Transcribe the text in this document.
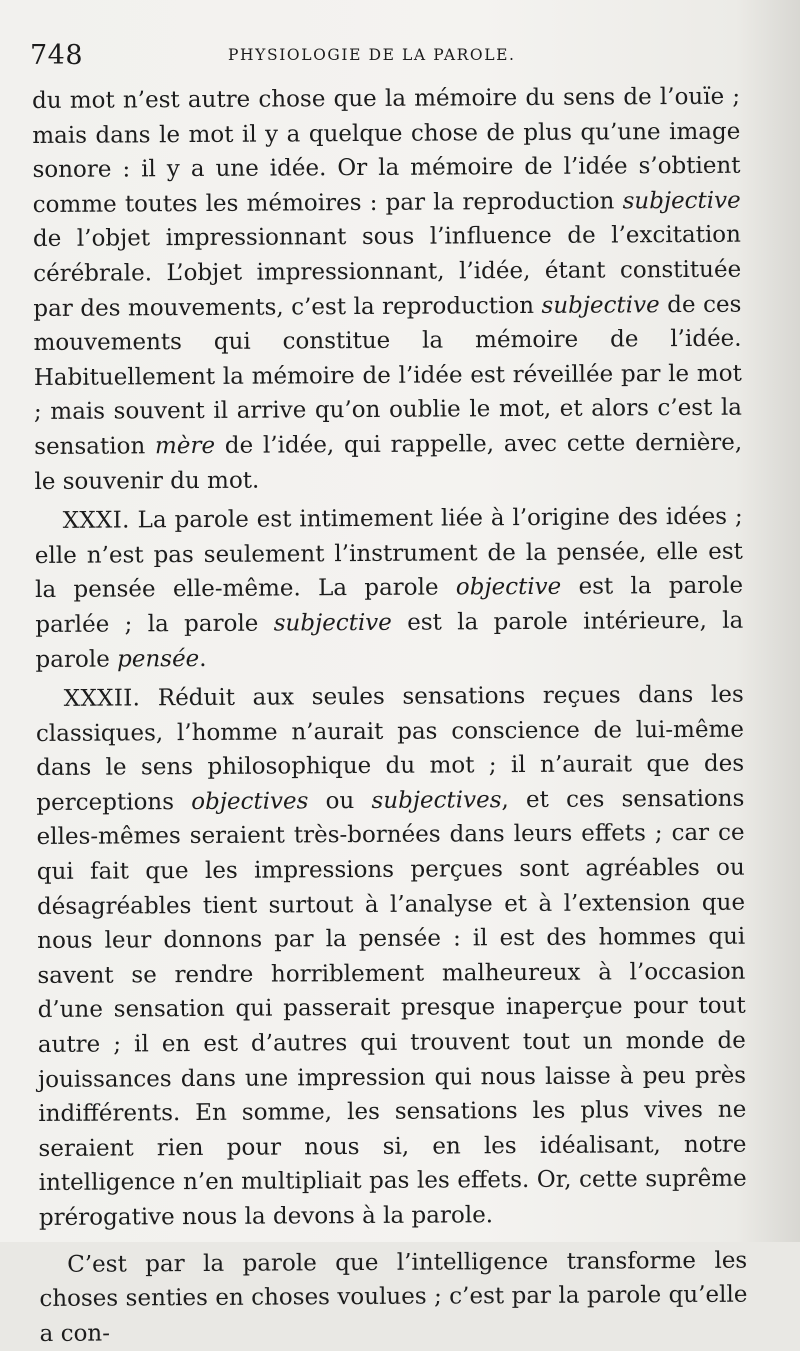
748	PHYSIOLOGIE DE LA PAROLE.

du mot n’est autre chose que la mémoire du sens de l’ouïe ; mais dans le mot il y a quelque chose de plus qu’une image sonore : il y a une idée. Or la mémoire de l’idée s’obtient comme toutes les mémoires : par la reproduction subjective de l’objet impressionnant sous l’influence de l’excitation cérébrale. L’objet impressionnant, l’idée, étant constituée par des mouvements, c’est la reproduction subjective de ces mouvements qui constitue la mémoire de l’idée. Habituellement la mémoire de l’idée est réveillée par le mot ; mais souvent il arrive qu’on oublie le mot, et alors c’est la sensation mère de l’idée, qui rappelle, avec cette dernière, le souvenir du mot.

XXXI. La parole est intimement liée à l’origine des idées ; elle n’est pas seulement l’instrument de la pensée, elle est la pensée elle-même. La parole objective est la parole parlée ; la parole subjective est la parole intérieure, la parole pensée.

XXXII. Réduit aux seules sensations reçues dans les classiques, l’homme n’aurait pas conscience de lui-même dans le sens philosophique du mot ; il n’aurait que des perceptions objectives ou subjectives, et ces sensations elles-mêmes seraient très-bornées dans leurs effets ; car ce qui fait que les impressions perçues sont agréables ou désagréables tient surtout à l’analyse et à l’extension que nous leur donnons par la pensée : il est des hommes qui savent se rendre horriblement malheureux à l’occasion d’une sensation qui passerait presque inaperçue pour tout autre ; il en est d’autres qui trouvent tout un monde de jouissances dans une impression qui nous laisse à peu près indifférents. En somme, les sensations les plus vives ne seraient rien pour nous si, en les idéalisant, notre intelligence n’en multipliait pas les effets. Or, cette suprême prérogative nous la devons à la parole.

C’est par la parole que l’intelligence transforme les choses senties en choses voulues ; c’est par la parole qu’elle a con-
